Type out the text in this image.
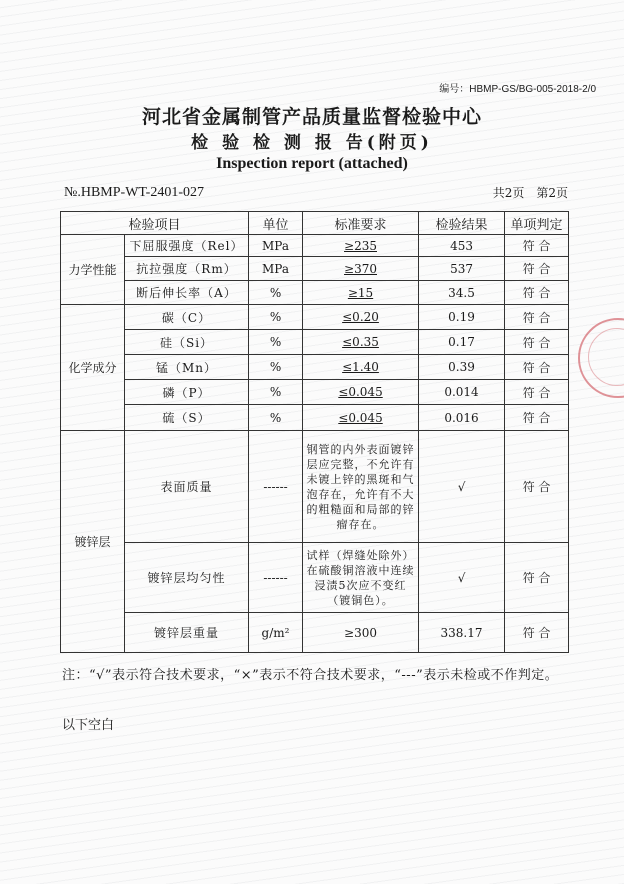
编号：HBMP-GS/BG-005-2018-2/0
河北省金属制管产品质量监督检验中心
检 验 检 测 报 告(附页)
Inspection report (attached)
№.HBMP-WT-2401-027	共2页　第2页
检验项目		单位	标准要求	检验结果	单项判定
力学性能	下屈服强度（Rel）	MPa	≥235	453	符 合
	抗拉强度（Rm）	MPa	≥370	537	符 合
	断后伸长率（A）	%	≥15	34.5	符 合
化学成分	碳（C）	%	≤0.20	0.19	符 合
	硅（Si）	%	≤0.35	0.17	符 合
	锰（Mn）	%	≤1.40	0.39	符 合
	磷（P）	%	≤0.045	0.014	符 合
	硫（S）	%	≤0.045	0.016	符 合
镀锌层	表面质量	------	钢管的内外表面镀锌层应完整，不允许有未镀上锌的黑斑和气泡存在，允许有不大的粗糙面和局部的锌瘤存在。	√	符 合
	镀锌层均匀性	------	试样（焊缝处除外）在硫酸铜溶液中连续浸渍5次应不变红（镀铜色）。	√	符 合
	镀锌层重量	g/m²	≥300	338.17	符 合
注：“√”表示符合技术要求，“×”表示不符合技术要求，“---”表示未检或不作判定。
以下空白
